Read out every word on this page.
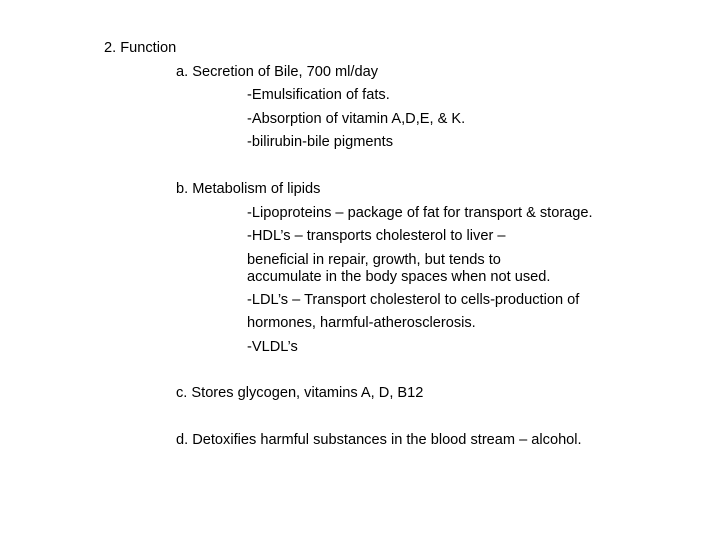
2. Function
a. Secretion of Bile, 700 ml/day
-Emulsification of fats.
-Absorption of vitamin A,D,E, & K.
-bilirubin-bile pigments
b. Metabolism of lipids
-Lipoproteins – package of fat for transport & storage.
-HDL’s – transports cholesterol to liver –
beneficial in repair, growth, but tends to
accumulate in the body spaces when not used.
-LDL’s – Transport cholesterol to cells-production of
hormones, harmful-atherosclerosis.
-VLDL’s
c. Stores glycogen, vitamins A, D, B12
d. Detoxifies harmful substances in the blood stream – alcohol.
